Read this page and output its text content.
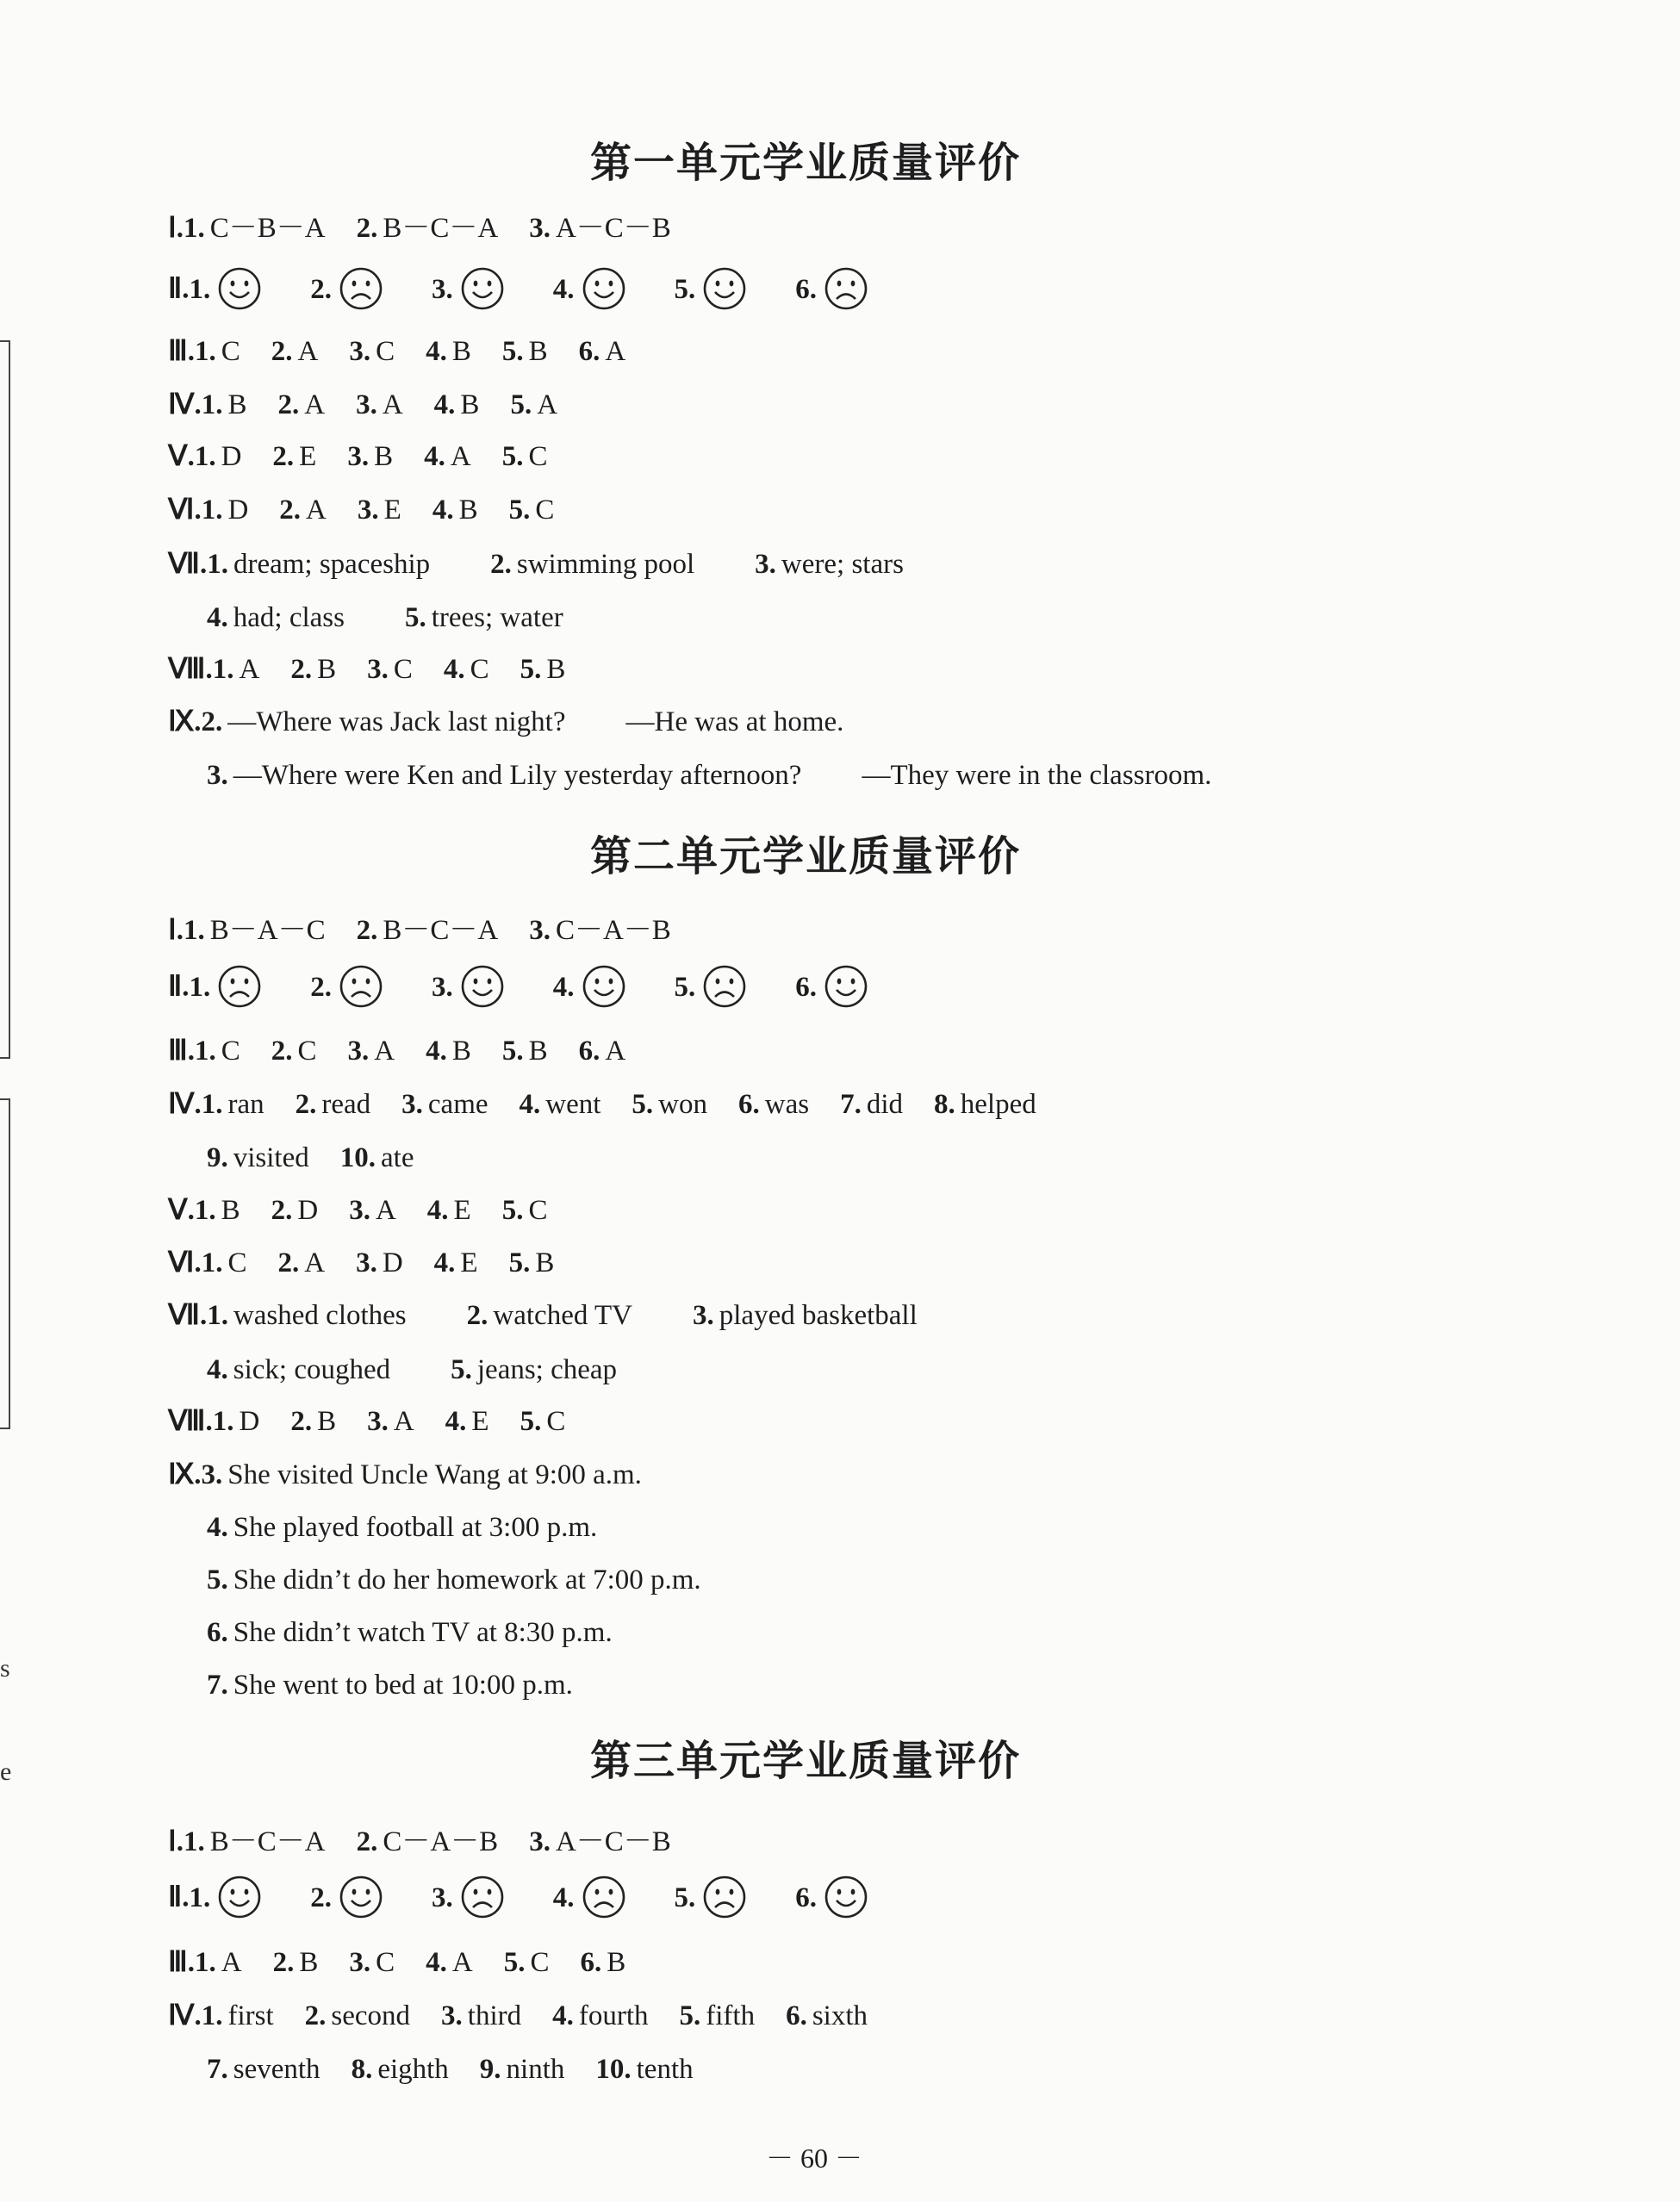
s
e
第一单元学业质量评价
Ⅰ.1. C－B－A 2. B－C－A 3. A－C－B
Ⅱ.1.	2.	3.	4.	5.	6.
Ⅲ.1. C 2. A 3. C 4. B 5. B 6. A
Ⅳ.1. B 2. A 3. A 4. B 5. A
Ⅴ.1. D 2. E 3. B 4. A 5. C
Ⅵ.1. D 2. A 3. E 4. B 5. C
Ⅶ.1. dream; spaceship 2. swimming pool 3. were; stars
4. had; class 5. trees; water
Ⅷ.1. A 2. B 3. C 4. C 5. B
Ⅸ.2. —Where was Jack last night? —He was at home.
3. —Where were Ken and Lily yesterday afternoon? —They were in the classroom.
第二单元学业质量评价
Ⅰ.1. B－A－C 2. B－C－A 3. C－A－B
Ⅱ.1.	2.	3.	4.	5.	6.
Ⅲ.1. C 2. C 3. A 4. B 5. B 6. A
Ⅳ.1. ran 2. read 3. came 4. went 5. won 6. was 7. did 8. helped
9. visited 10. ate
Ⅴ.1. B 2. D 3. A 4. E 5. C
Ⅵ.1. C 2. A 3. D 4. E 5. B
Ⅶ.1. washed clothes 2. watched TV 3. played basketball
4. sick; coughed 5. jeans; cheap
Ⅷ.1. D 2. B 3. A 4. E 5. C
Ⅸ.3. She visited Uncle Wang at 9:00 a.m.
4. She played football at 3:00 p.m.
5. She didn’t do her homework at 7:00 p.m.
6. She didn’t watch TV at 8:30 p.m.
7. She went to bed at 10:00 p.m.
第三单元学业质量评价
Ⅰ.1. B－C－A 2. C－A－B 3. A－C－B
Ⅱ.1.	2.	3.	4.	5.	6.
Ⅲ.1. A 2. B 3. C 4. A 5. C 6. B
Ⅳ.1. first 2. second 3. third 4. fourth 5. fifth 6. sixth
7. seventh 8. eighth 9. ninth 10. tenth
－ 60 －
